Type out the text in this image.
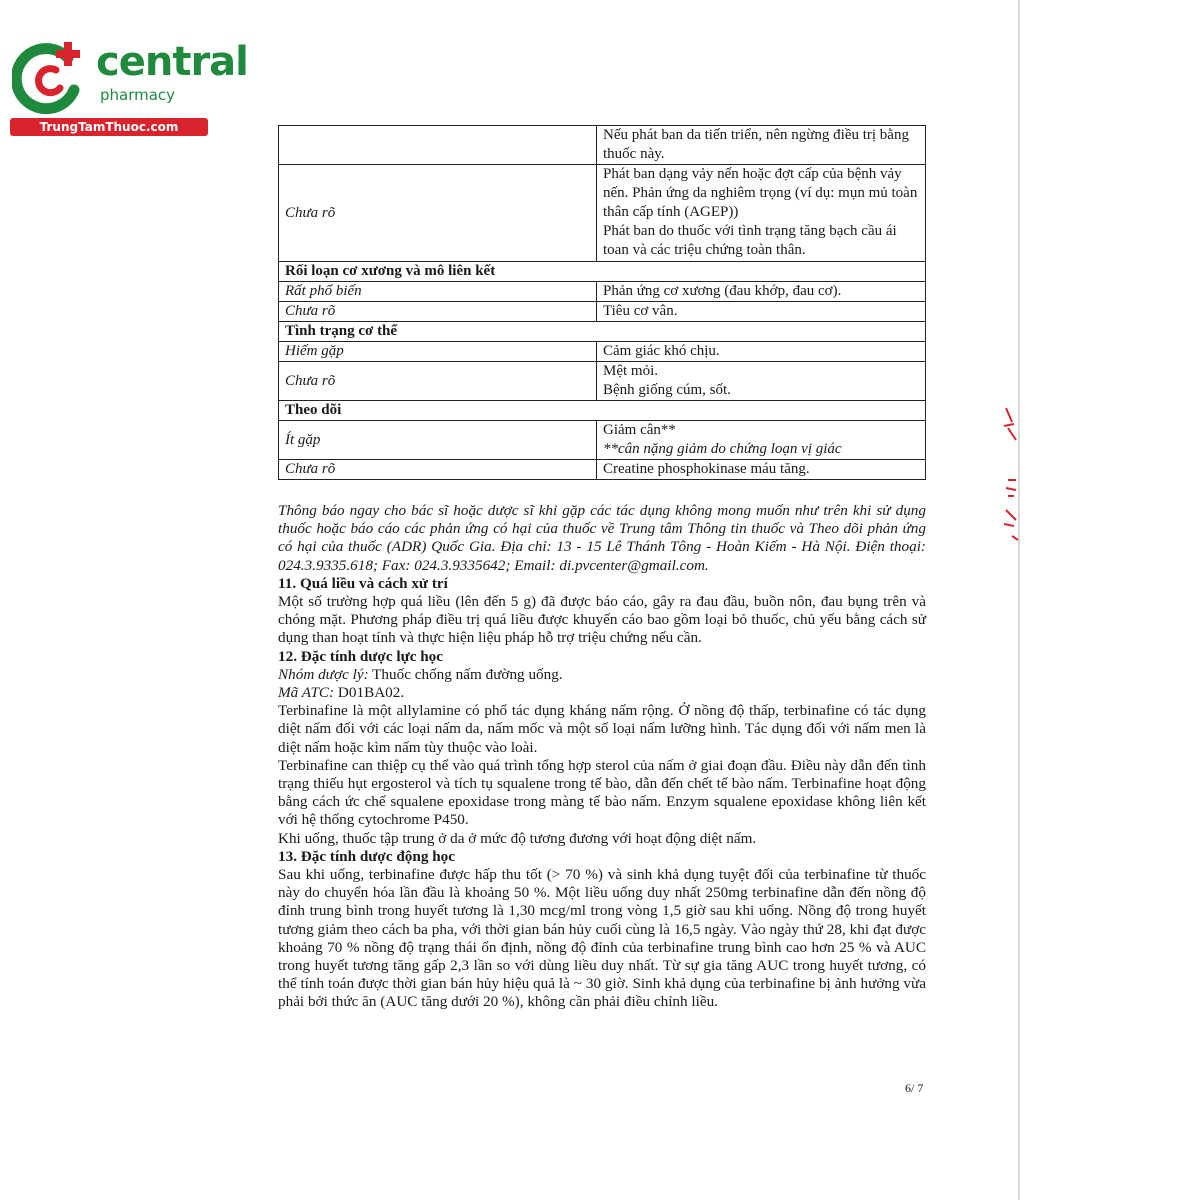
central
pharmacy
TrungTamThuoc.com
		Nếu phát ban da tiến triển, nên ngừng điều trị bằng thuốc này.
Chưa rõ	Phát ban dạng vảy nến hoặc đợt cấp của bệnh vảy nến. Phản ứng da nghiêm trọng (ví dụ: mụn mủ toàn thân cấp tính (AGEP))
Phát ban do thuốc với tình trạng tăng bạch cầu ái toan và các triệu chứng toàn thân.

Rối loạn cơ xương và mô liên kết	
Rất phổ biến	Phản ứng cơ xương (đau khớp, đau cơ).
Chưa rõ	Tiêu cơ vân.
Tình trạng cơ thể	
Hiếm gặp	Cảm giác khó chịu.
Chưa rõ	Mệt mỏi.
Bệnh giống cúm, sốt.

Theo dõi	
Ít gặp	Giảm cân**
**cân nặng giảm do chứng loạn vị giác

Chưa rõ	Creatine phosphokinase máu tăng.

Thông báo ngay cho bác sĩ hoặc dược sĩ khi gặp các tác dụng không mong muốn như trên khi sử dụng thuốc hoặc báo cáo các phản ứng có hại của thuốc về Trung tâm Thông tin thuốc và Theo dõi phản ứng có hại của thuốc (ADR) Quốc Gia. Địa chỉ: 13 - 15 Lê Thánh Tông - Hoàn Kiếm - Hà Nội. Điện thoại: 024.3.9335.618; Fax: 024.3.9335642; Email: di.pvcenter@gmail.com.

11. Quá liều và cách xử trí

Một số trường hợp quá liều (lên đến 5 g) đã được báo cáo, gây ra đau đầu, buồn nôn, đau bụng trên và chóng mặt. Phương pháp điều trị quá liều được khuyến cáo bao gồm loại bỏ thuốc, chủ yếu bằng cách sử dụng than hoạt tính và thực hiện liệu pháp hỗ trợ triệu chứng nếu cần.

12. Đặc tính dược lực học

Nhóm dược lý: Thuốc chống nấm đường uống.

Mã ATC: D01BA02.

Terbinafine là một allylamine có phổ tác dụng kháng nấm rộng. Ở nồng độ thấp, terbinafine có tác dụng diệt nấm đối với các loại nấm da, nấm mốc và một số loại nấm lưỡng hình. Tác dụng đối với nấm men là diệt nấm hoặc kìm nấm tùy thuộc vào loài.

Terbinafine can thiệp cụ thể vào quá trình tổng hợp sterol của nấm ở giai đoạn đầu. Điều này dẫn đến tình trạng thiếu hụt ergosterol và tích tụ squalene trong tế bào, dẫn đến chết tế bào nấm. Terbinafine hoạt động bằng cách ức chế squalene epoxidase trong màng tế bào nấm. Enzym squalene epoxidase không liên kết với hệ thống cytochrome P450.

Khi uống, thuốc tập trung ở da ở mức độ tương đương với hoạt động diệt nấm.

13. Đặc tính dược động học

Sau khi uống, terbinafine được hấp thu tốt (> 70 %) và sinh khả dụng tuyệt đối của terbinafine từ thuốc này do chuyển hóa lần đầu là khoảng 50 %. Một liều uống duy nhất 250mg terbinafine dẫn đến nồng độ đỉnh trung bình trong huyết tương là 1,30 mcg/ml trong vòng 1,5 giờ sau khi uống. Nồng độ trong huyết tương giảm theo cách ba pha, với thời gian bán hủy cuối cùng là 16,5 ngày. Vào ngày thứ 28, khi đạt được khoảng 70 % nồng độ trạng thái ổn định, nồng độ đỉnh của terbinafine trung bình cao hơn 25 % và AUC trong huyết tương tăng gấp 2,3 lần so với dùng liều duy nhất. Từ sự gia tăng AUC trong huyết tương, có thể tính toán được thời gian bán hủy hiệu quả là ~ 30 giờ. Sinh khả dụng của terbinafine bị ảnh hưởng vừa phải bởi thức ăn (AUC tăng dưới 20 %), không cần phải điều chỉnh liều.

6/ 7
